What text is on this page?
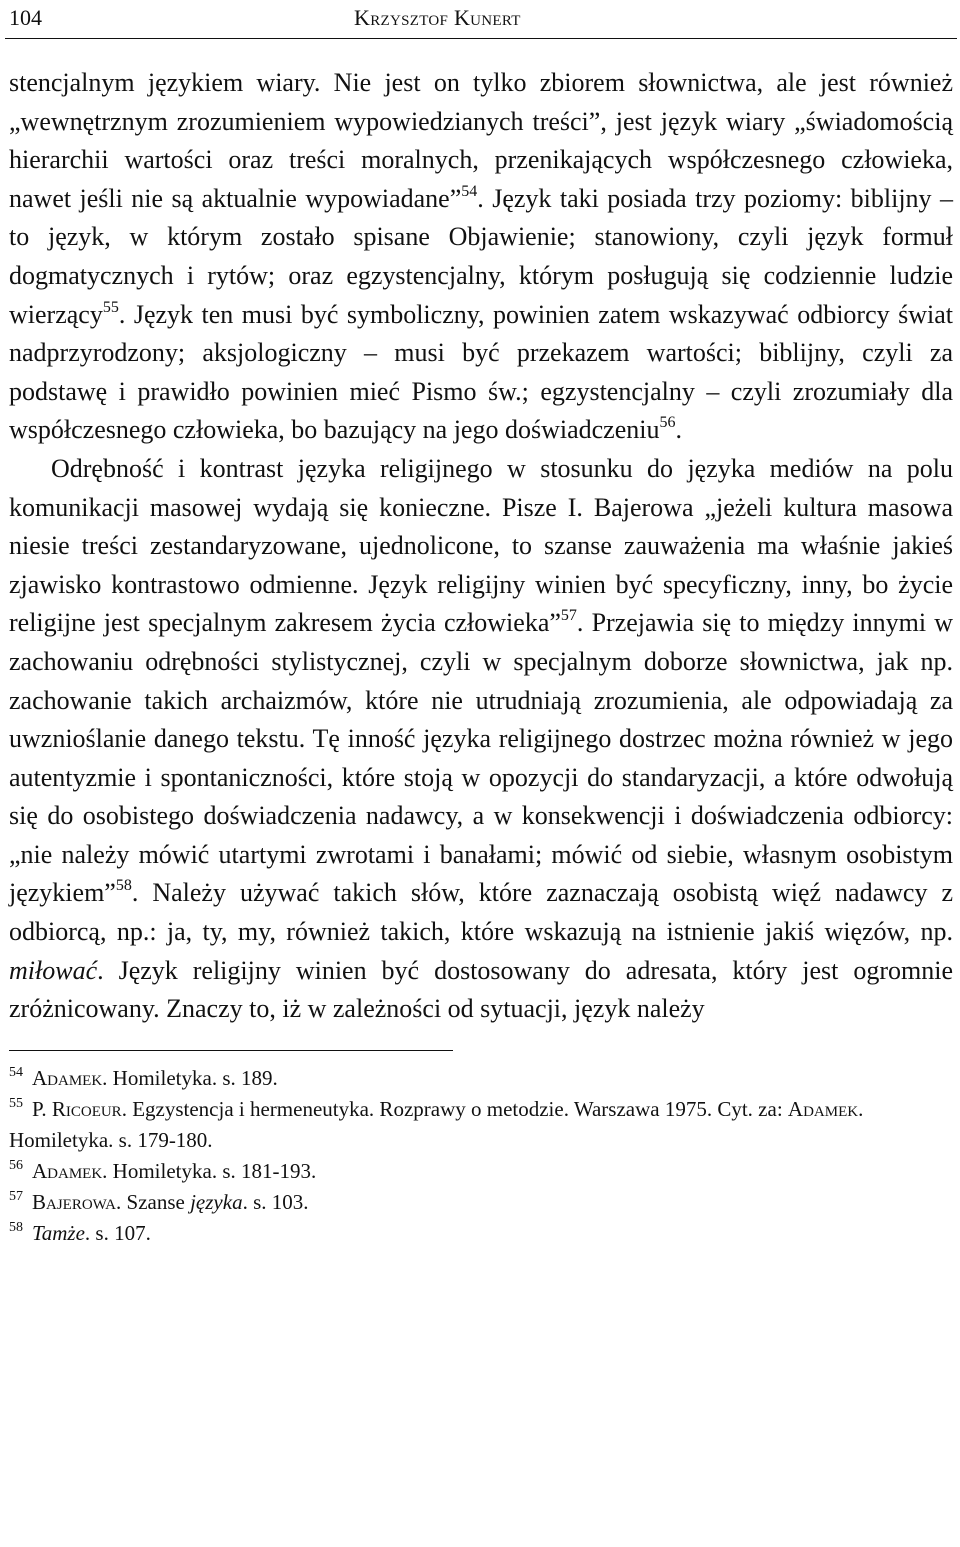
104	Krzysztof Kunert

stencjalnym językiem wiary. Nie jest on tylko zbiorem słownictwa, ale jest również „wewnętrznym zrozumieniem wypowiedzianych treści”, jest język wiary „świadomością hierarchii wartości oraz treści moralnych, przenikających współczesnego człowieka, nawet jeśli nie są aktualnie wypowiadane”$^{54}$. Język taki posiada trzy poziomy: biblijny – to język, w którym zostało spisane Objawienie; stanowiony, czyli język formuł dogmatycznych i rytów; oraz egzystencjalny, którym posługują się codziennie ludzie wierzący$^{55}$. Język ten musi być symboliczny, powinien zatem wskazywać odbiorcy świat nadprzyrodzony; aksjologiczny – musi być przekazem wartości; biblijny, czyli za podstawę i prawidło powinien mieć Pismo św.; egzystencjalny – czyli zrozumiały dla współczesnego człowieka, bo bazujący na jego doświadczeniu$^{56}$.

Odrębność i kontrast języka religijnego w stosunku do języka mediów na polu komunikacji masowej wydają się konieczne. Pisze I. Bajerowa „jeżeli kultura masowa niesie treści zestandaryzowane, ujednolicone, to szanse zauważenia ma właśnie jakieś zjawisko kontrastowo odmienne. Język religijny winien być specyficzny, inny, bo życie religijne jest specjalnym zakresem życia człowieka”$^{57}$. Przejawia się to między innymi w zachowaniu odrębności stylistycznej, czyli w specjalnym doborze słownictwa, jak np. zachowanie takich archaizmów, które nie utrudniają zrozumienia, ale odpowiadają za uwznioślanie danego tekstu. Tę inność języka religijnego dostrzec można również w jego autentyzmie i spontaniczności, które stoją w opozycji do standaryzacji, a które odwołują się do osobistego doświadczenia nadawcy, a w konsekwencji i doświadczenia odbiorcy: „nie należy mówić utartymi zwrotami i banałami; mówić od siebie, własnym osobistym językiem”$^{58}$. Należy używać takich słów, które zaznaczają osobistą więź nadawcy z odbiorcą, np.: ja, ty, my, również takich, które wskazują na istnienie jakiś więzów, np. miłować. Język religijny winien być dostosowany do adresata, który jest ogromnie zróżnicowany. Znaczy to, iż w zależności od sytuacji, język należy

$^{54}$ Adamek. Homiletyka. s. 189.

$^{55}$ P. Ricoeur. Egzystencja i hermeneutyka. Rozprawy o metodzie. Warszawa 1975. Cyt. za: Adamek. Homiletyka. s. 179-180.

$^{56}$ Adamek. Homiletyka. s. 181-193.

$^{57}$ Bajerowa. Szanse języka. s. 103.

$^{58}$ Tamże. s. 107.
